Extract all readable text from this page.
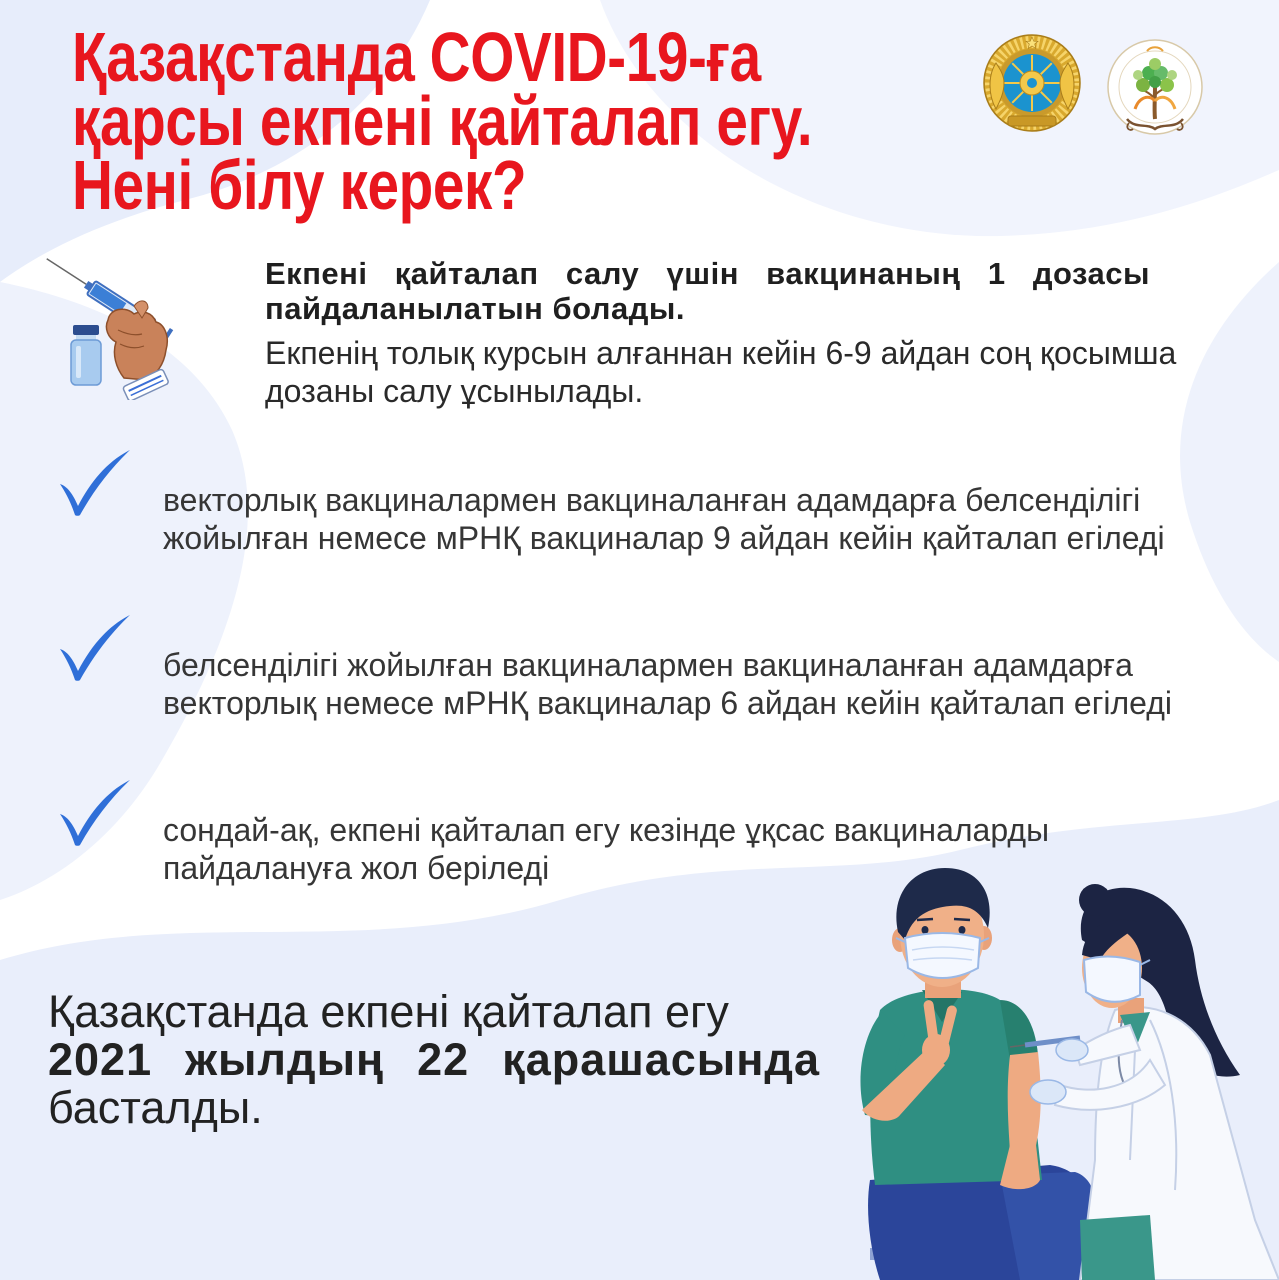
Қазақстанда COVID-19-ға
қарсы екпені қайталап егу.
Нені білу керек?
Екпені қайталап салу үшін вакцинаның 1 дозасы
пайдаланылатын болады.
Екпенің толық курсын алғаннан кейін 6-9 айдан соң қосымша
дозаны салу ұсынылады.
векторлық вакциналармен вакциналанған адамдарға белсенділігі
жойылған немесе мРНҚ вакциналар 9 айдан кейін қайталап егіледі
белсенділігі жойылған вакциналармен вакциналанған адамдарға
векторлық немесе мРНҚ вакциналар 6 айдан кейін қайталап егіледі
сондай-ақ, екпені қайталап егу кезінде ұқсас вакциналарды
пайдалануға жол беріледі
Қазақстанда екпені қайталап егу
2021 жылдың 22 қарашасында
басталды.
